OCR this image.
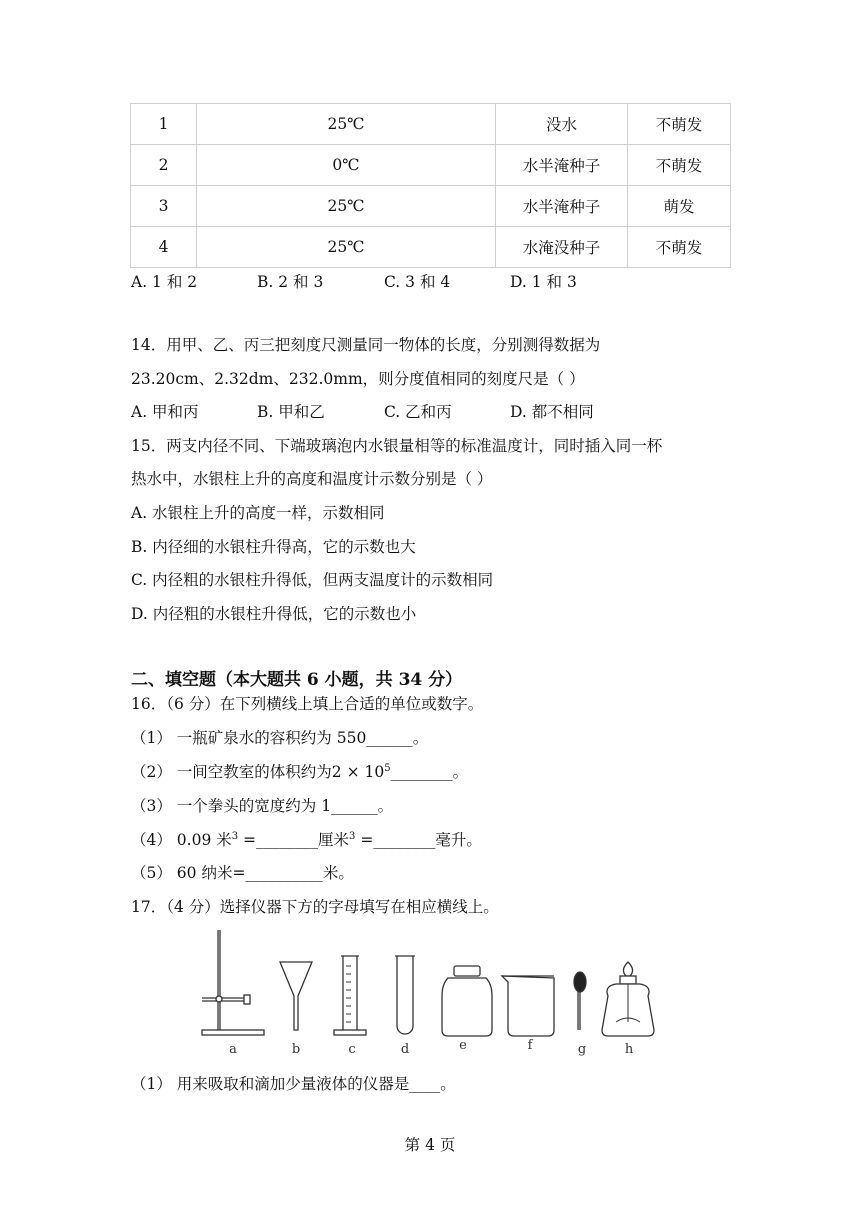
1	25℃	没水	不萌发
2	0℃	水半淹种子	不萌发
3	25℃	水半淹种子	萌发
4	25℃	水淹没种子	不萌发
A. 1 和 2	B. 2 和 3	C. 3 和 4	D. 1 和 3
14．用甲、乙、丙三把刻度尺测量同一物体的长度，分别测得数据为
23.20cm、2.32dm、232.0mm，则分度值相同的刻度尺是（ ）
A. 甲和丙	B. 甲和乙	C. 乙和丙	D. 都不相同
15．两支内径不同、下端玻璃泡内水银量相等的标准温度计，同时插入同一杯
热水中，水银柱上升的高度和温度计示数分别是（ ）
A. 水银柱上升的高度一样，示数相同
B. 内径细的水银柱升得高，它的示数也大
C. 内径粗的水银柱升得低，但两支温度计的示数相同
D. 内径粗的水银柱升得低，它的示数也小
二、填空题（本大题共 6 小题，共 34 分）
16．（6 分）在下列横线上填上合适的单位或数字。
（1） 一瓶矿泉水的容积约为 550______。
（2） 一间空教室的体积约为$2 \times 10^5\_\_\_\_\_\_\_\_$。
（3） 一个拳头的宽度约为 1______。
（4） 0.09 米$^3$ =________厘米$^3$ =________毫升。
（5） 60 纳米=__________米。
17．（4 分）选择仪器下方的字母填写在相应横线上。
a	b	c	d	e	f	g	h
（1） 用来吸取和滴加少量液体的仪器是____。
第 4 页
